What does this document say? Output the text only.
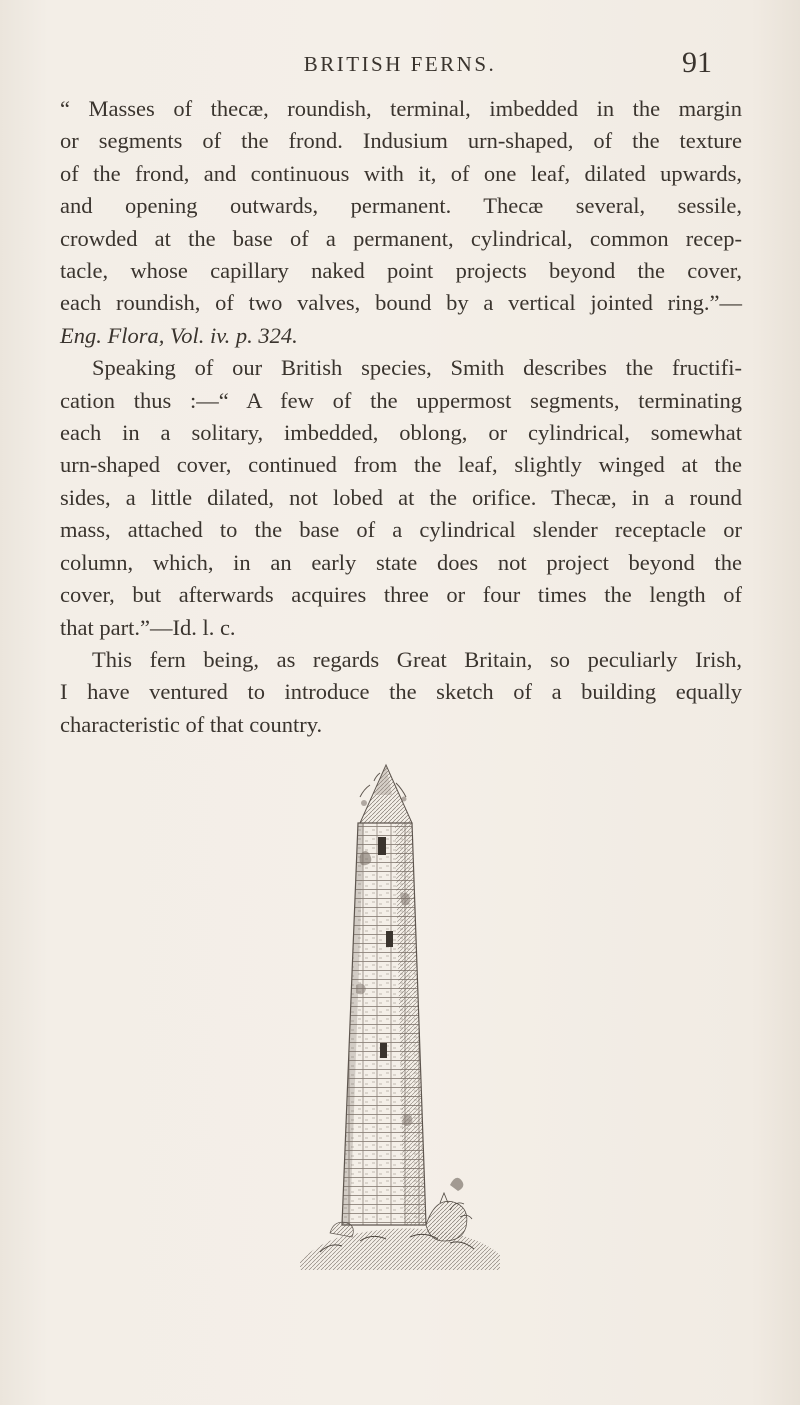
BRITISH FERNS.	91
“ Masses of thecæ, roundish, terminal, imbedded in the margin
or segments of the frond. Indusium urn-shaped, of the texture
of the frond, and continuous with it, of one leaf, dilated upwards,
and opening outwards, permanent. Thecæ several, sessile,
crowded at the base of a permanent, cylindrical, common recep-
tacle, whose capillary naked point projects beyond the cover,
each roundish, of two valves, bound by a vertical jointed ring.”—
Eng. Flora, Vol. iv. p. 324.
Speaking of our British species, Smith describes the fructifi-
cation thus :—“ A few of the uppermost segments, terminating
each in a solitary, imbedded, oblong, or cylindrical, somewhat
urn-shaped cover, continued from the leaf, slightly winged at the
sides, a little dilated, not lobed at the orifice. Thecæ, in a round
mass, attached to the base of a cylindrical slender receptacle or
column, which, in an early state does not project beyond the
cover, but afterwards acquires three or four times the length of
that part.”—Id. l. c.
This fern being, as regards Great Britain, so peculiarly Irish,
I have ventured to introduce the sketch of a building equally
characteristic of that country.
